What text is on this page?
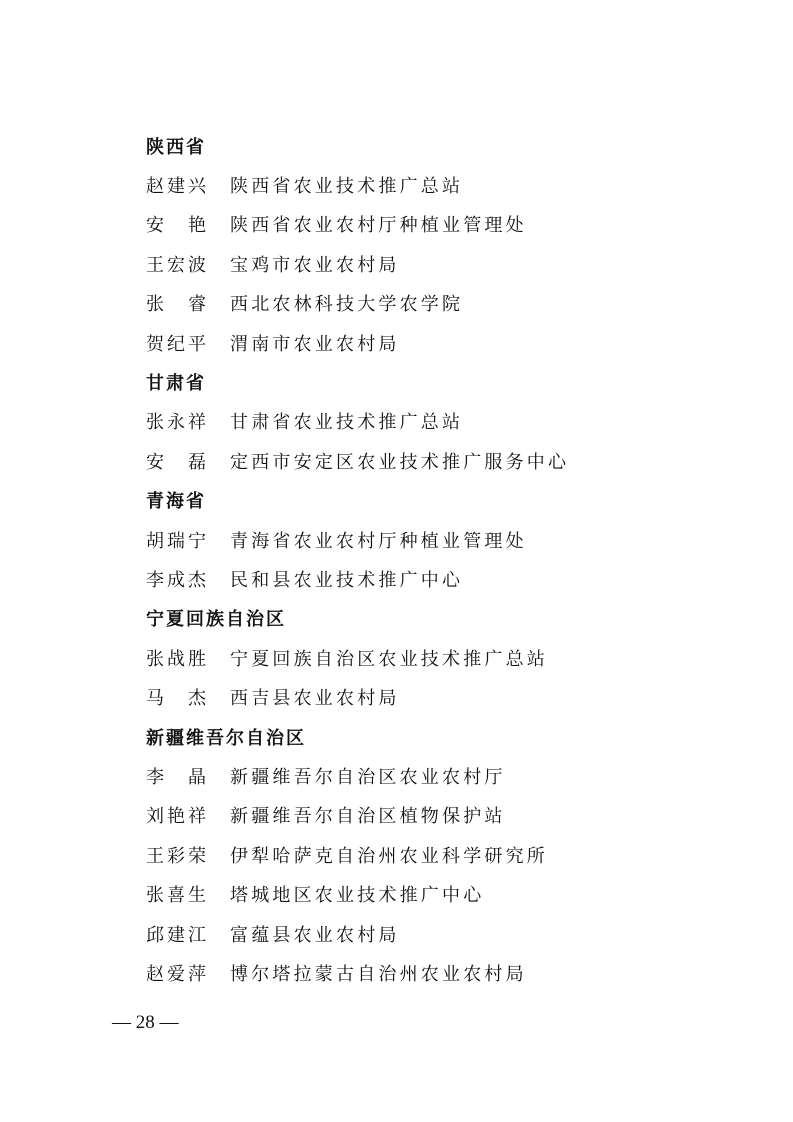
陕西省
赵建兴	陕西省农业技术推广总站
安　艳	陕西省农业农村厅种植业管理处
王宏波	宝鸡市农业农村局
张　睿	西北农林科技大学农学院
贺纪平	渭南市农业农村局
甘肃省
张永祥	甘肃省农业技术推广总站
安　磊	定西市安定区农业技术推广服务中心
青海省
胡瑞宁	青海省农业农村厅种植业管理处
李成杰	民和县农业技术推广中心
宁夏回族自治区
张战胜	宁夏回族自治区农业技术推广总站
马　杰	西吉县农业农村局
新疆维吾尔自治区
李　晶	新疆维吾尔自治区农业农村厅
刘艳祥	新疆维吾尔自治区植物保护站
王彩荣	伊犁哈萨克自治州农业科学研究所
张喜生	塔城地区农业技术推广中心
邱建江	富蕴县农业农村局
赵爱萍	博尔塔拉蒙古自治州农业农村局
— 28 —
